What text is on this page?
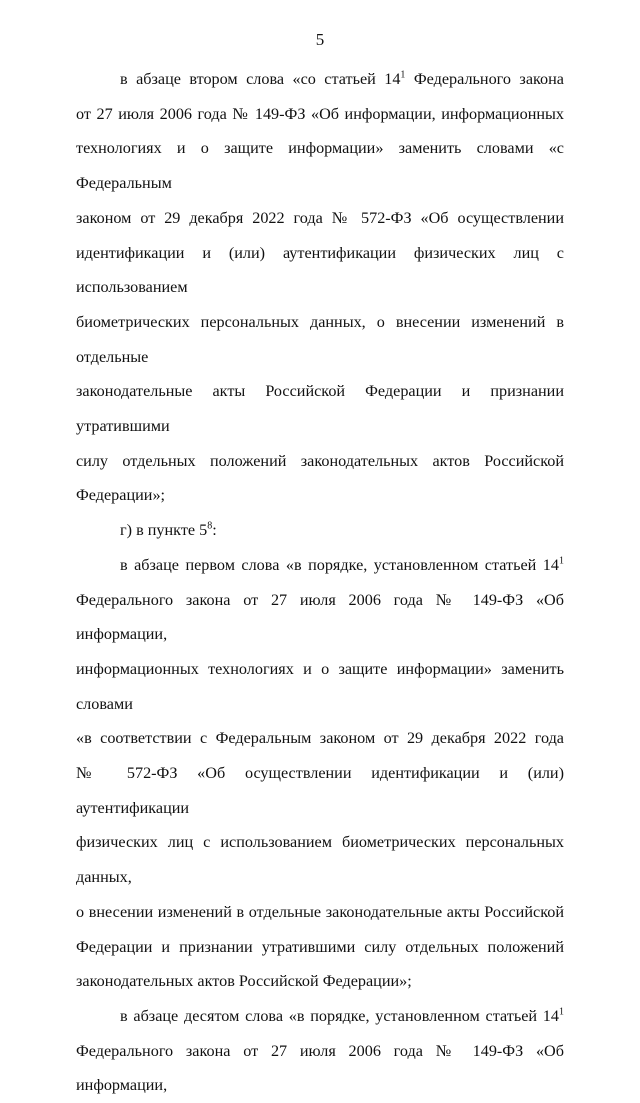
5
в абзаце втором слова «со статьей $14^1$ Федерального закона
от 27 июля 2006 года № 149-ФЗ «Об информации, информационных
технологиях и о защите информации» заменить словами «с Федеральным
законом от 29 декабря 2022 года № 572-ФЗ «Об осуществлении
идентификации и (или) аутентификации физических лиц с использованием
биометрических персональных данных, о внесении изменений в отдельные
законодательные акты Российской Федерации и признании утратившими
силу отдельных положений законодательных актов Российской
Федерации»;
г) в пункте $5^8$:
в абзаце первом слова «в порядке, установленном статьей $14^1$
Федерального закона от 27 июля 2006 года № 149-ФЗ «Об информации,
информационных технологиях и о защите информации» заменить словами
«в соответствии с Федеральным законом от 29 декабря 2022 года
№ 572-ФЗ «Об осуществлении идентификации и (или) аутентификации
физических лиц с использованием биометрических персональных данных,
о внесении изменений в отдельные законодательные акты Российской
Федерации и признании утратившими силу отдельных положений
законодательных актов Российской Федерации»;
в абзаце десятом слова «в порядке, установленном статьей $14^1$
Федерального закона от 27 июля 2006 года № 149-ФЗ «Об информации,
